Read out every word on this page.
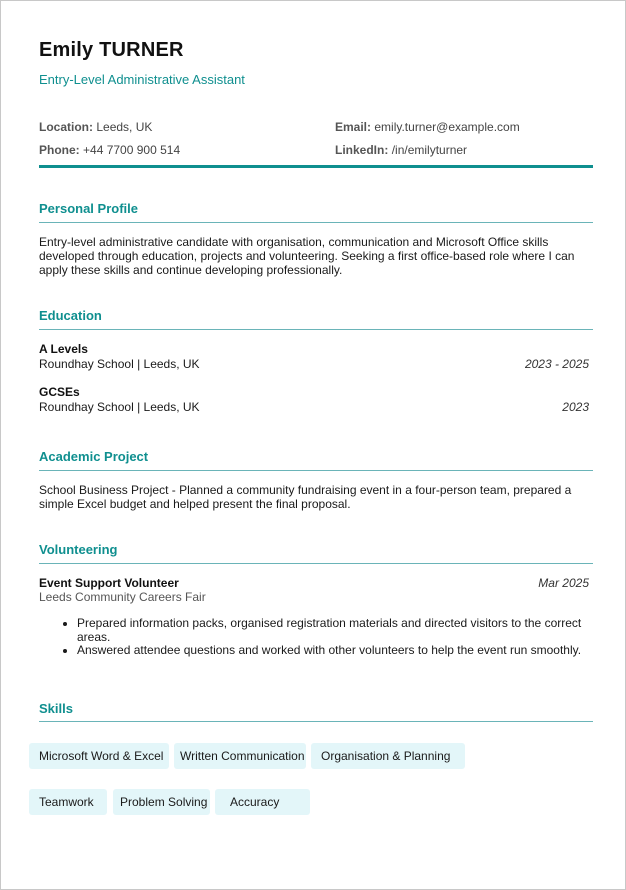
Emily TURNER
Entry-Level Administrative Assistant
Location: Leeds, UK	Email: emily.turner@example.com
Phone: +44 7700 900 514	LinkedIn: /in/emilyturner
Personal Profile
Entry-level administrative candidate with organisation, communication and Microsoft Office skills developed through education, projects and volunteering. Seeking a first office-based role where I can apply these skills and continue developing professionally.
Education
A Levels
Roundhay School | Leeds, UK	2023 - 2025
GCSEs
Roundhay School | Leeds, UK	2023
Academic Project
School Business Project - Planned a community fundraising event in a four-person team, prepared a simple Excel budget and helped present the final proposal.
Volunteering
Event Support Volunteer	Mar 2025
Leeds Community Careers Fair
• Prepared information packs, organised registration materials and directed visitors to the correct areas.
• Answered attendee questions and worked with other volunteers to help the event run smoothly.
Skills
Microsoft Word & Excel	Written Communication	Organisation & Planning
Teamwork	Problem Solving	Accuracy
